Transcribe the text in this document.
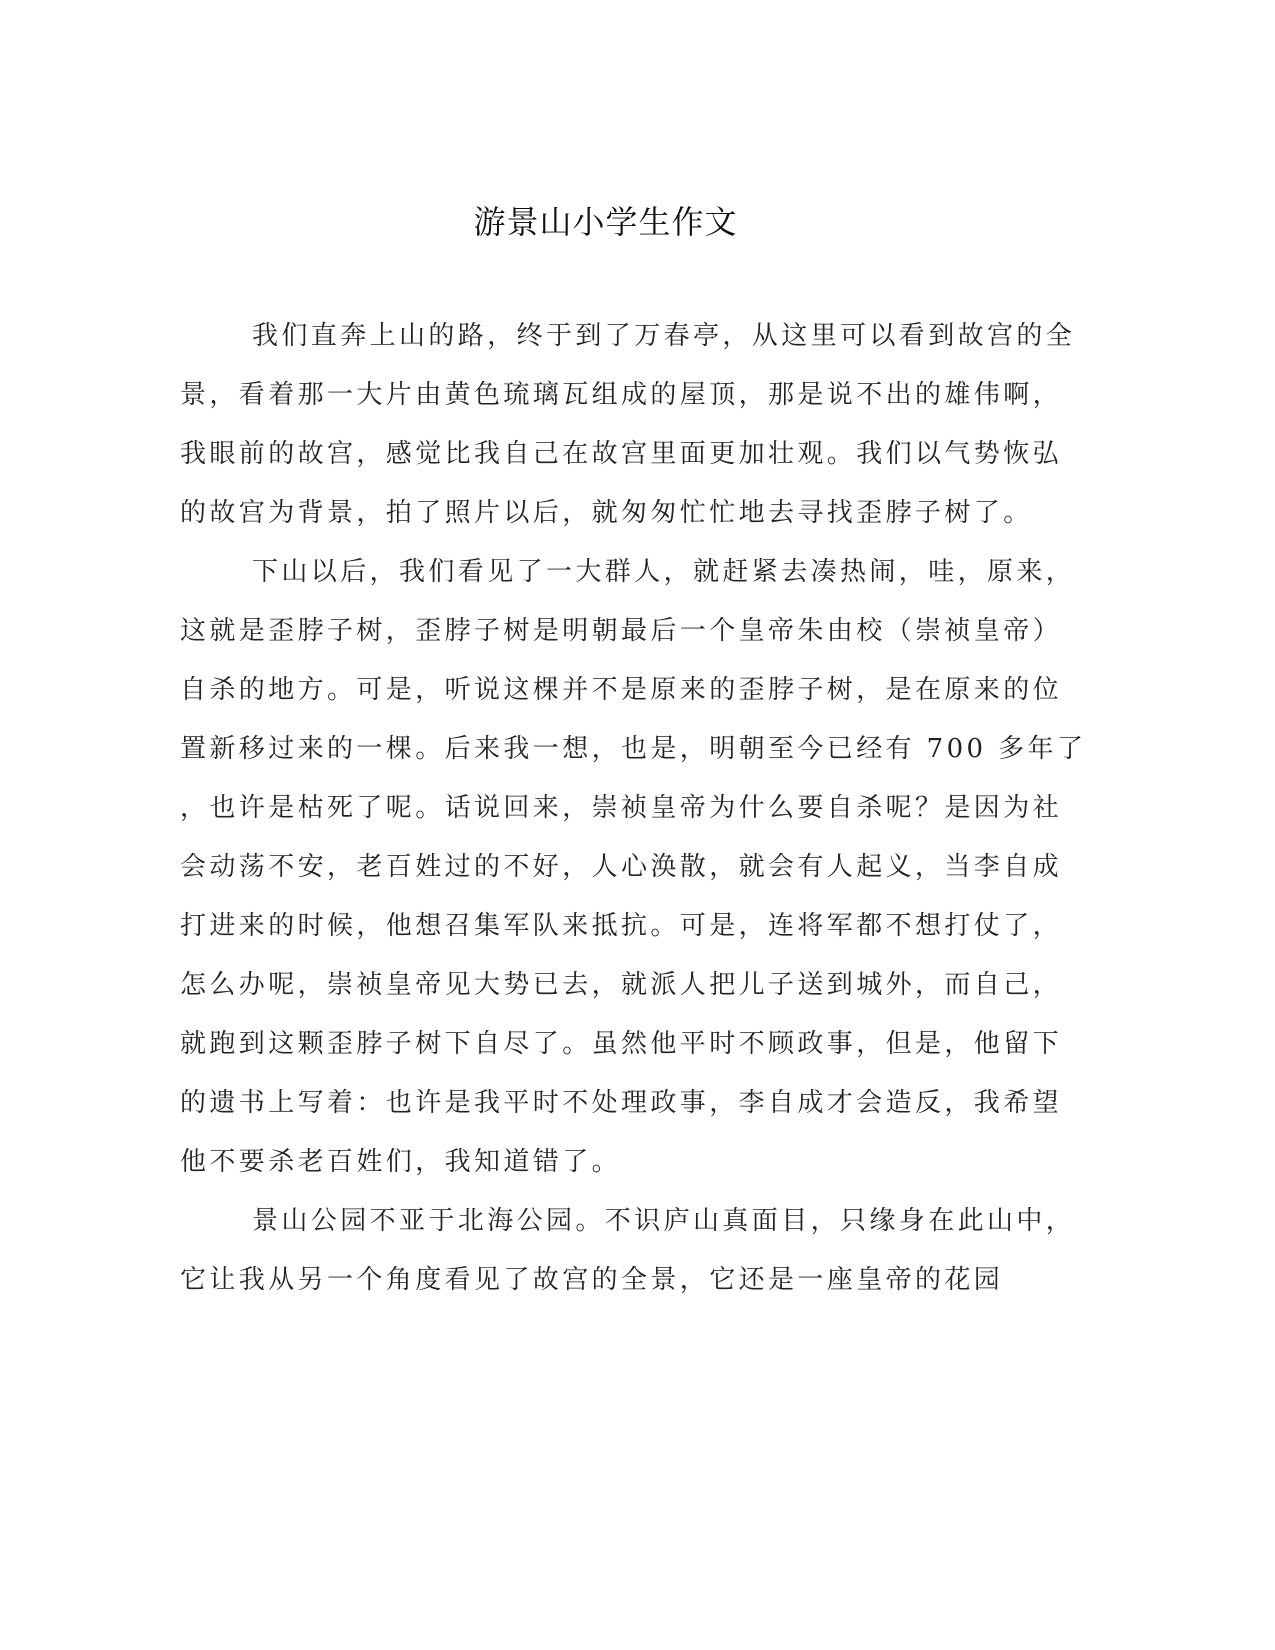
游景山小学生作文
我们直奔上山的路，终于到了万春亭，从这里可以看到故宫的全
景，看着那一大片由黄色琉璃瓦组成的屋顶，那是说不出的雄伟啊，
我眼前的故宫，感觉比我自己在故宫里面更加壮观。我们以气势恢弘
的故宫为背景，拍了照片以后，就匆匆忙忙地去寻找歪脖子树了。
下山以后，我们看见了一大群人，就赶紧去凑热闹，哇，原来，
这就是歪脖子树，歪脖子树是明朝最后一个皇帝朱由校（崇祯皇帝）
自杀的地方。可是，听说这棵并不是原来的歪脖子树，是在原来的位
置新移过来的一棵。后来我一想，也是，明朝至今已经有 700 多年了
，也许是枯死了呢。话说回来，崇祯皇帝为什么要自杀呢？是因为社
会动荡不安，老百姓过的不好，人心涣散，就会有人起义，当李自成
打进来的时候，他想召集军队来抵抗。可是，连将军都不想打仗了，
怎么办呢，崇祯皇帝见大势已去，就派人把儿子送到城外，而自己，
就跑到这颗歪脖子树下自尽了。虽然他平时不顾政事，但是，他留下
的遗书上写着：也许是我平时不处理政事，李自成才会造反，我希望
他不要杀老百姓们，我知道错了。
景山公园不亚于北海公园。不识庐山真面目，只缘身在此山中，
它让我从另一个角度看见了故宫的全景，它还是一座皇帝的花园
